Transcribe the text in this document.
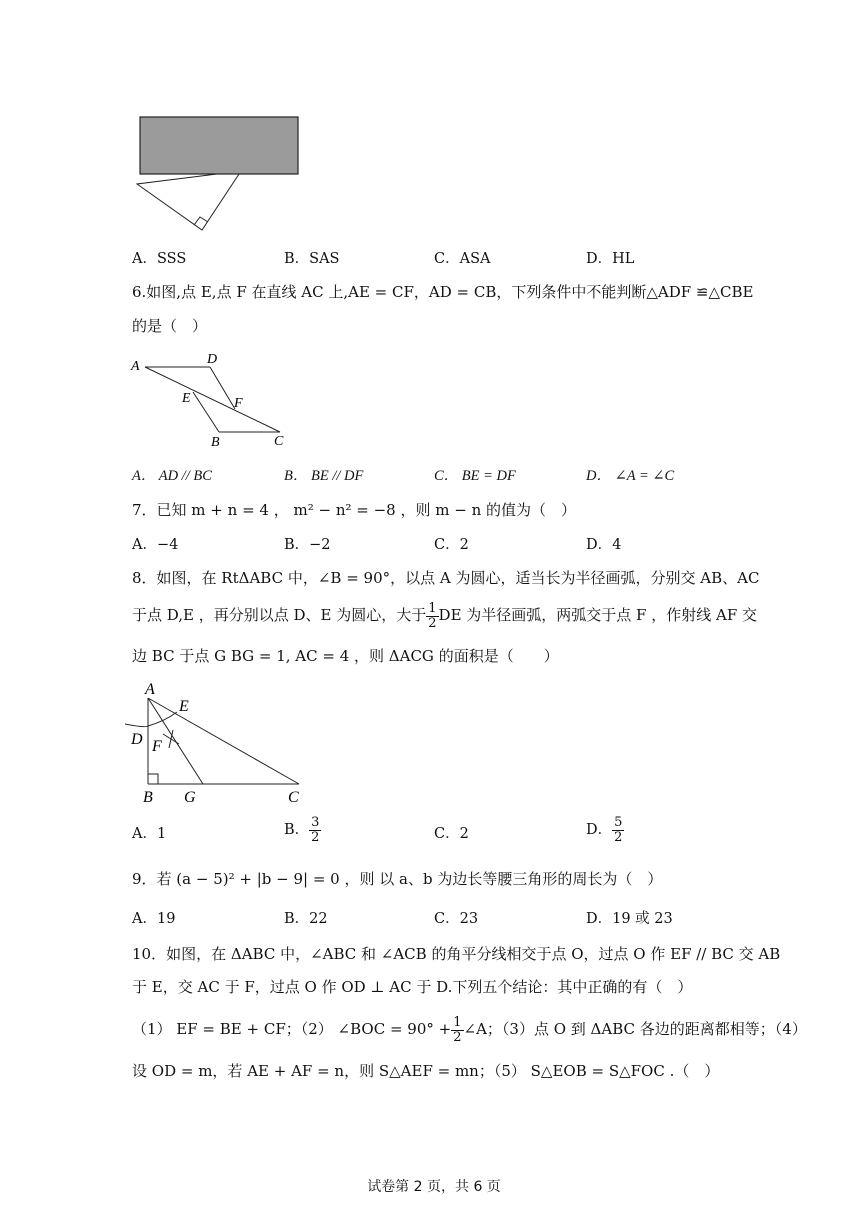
A．SSS	B．SAS	C．ASA	D．HL
6.如图,点 E,点 F 在直线 AC 上,AE = CF，AD = CB，下列条件中不能判断△ADF ≌△CBE
的是（　）
A	D
E	F
B	C
A． AD // BC	B． BE // DF	C． BE = DF	D． ∠A = ∠C
7．已知 m + n = 4 ， m² − n² = −8 ，则 m − n 的值为（　）
A．−4	B．−2	C．2	D．4
8．如图，在 RtΔABC 中，∠B = 90°，以点 A 为圆心，适当长为半径画弧，分别交 AB、AC
于点 D,E ，再分别以点 D、E 为圆心，大于 $\frac{1}{2}$ DE 为半径画弧，两弧交于点 F ，作射线 AF 交
边 BC 于点 G BG = 1, AC = 4 ，则 ΔACG 的面积是（　　）
A
E
D F
B G	C
A．1	B． $\frac{3}{2}$	C．2	D． $\frac{5}{2}$
9．若 (a − 5)² + |b − 9| = 0 ，则 以 a、b 为边长等腰三角形的周长为（　）
A．19	B．22	C．23	D．19 或 23
10．如图，在 ΔABC 中，∠ABC 和 ∠ACB 的角平分线相交于点 O，过点 O 作 EF // BC 交 AB
于 E，交 AC 于 F，过点 O 作 OD ⊥ AC 于 D.下列五个结论：其中正确的有（　）
（1） EF = BE + CF；（2） ∠BOC = $90^\circ + \frac{1}{2}$ ∠A；（3）点 O 到 ΔABC 各边的距离都相等；（4）
设 OD = m，若 AE + AF = n，则 S△AEF = mn；（5） S△EOB = S△FOC .（　）
试卷第 2 页，共 6 页
